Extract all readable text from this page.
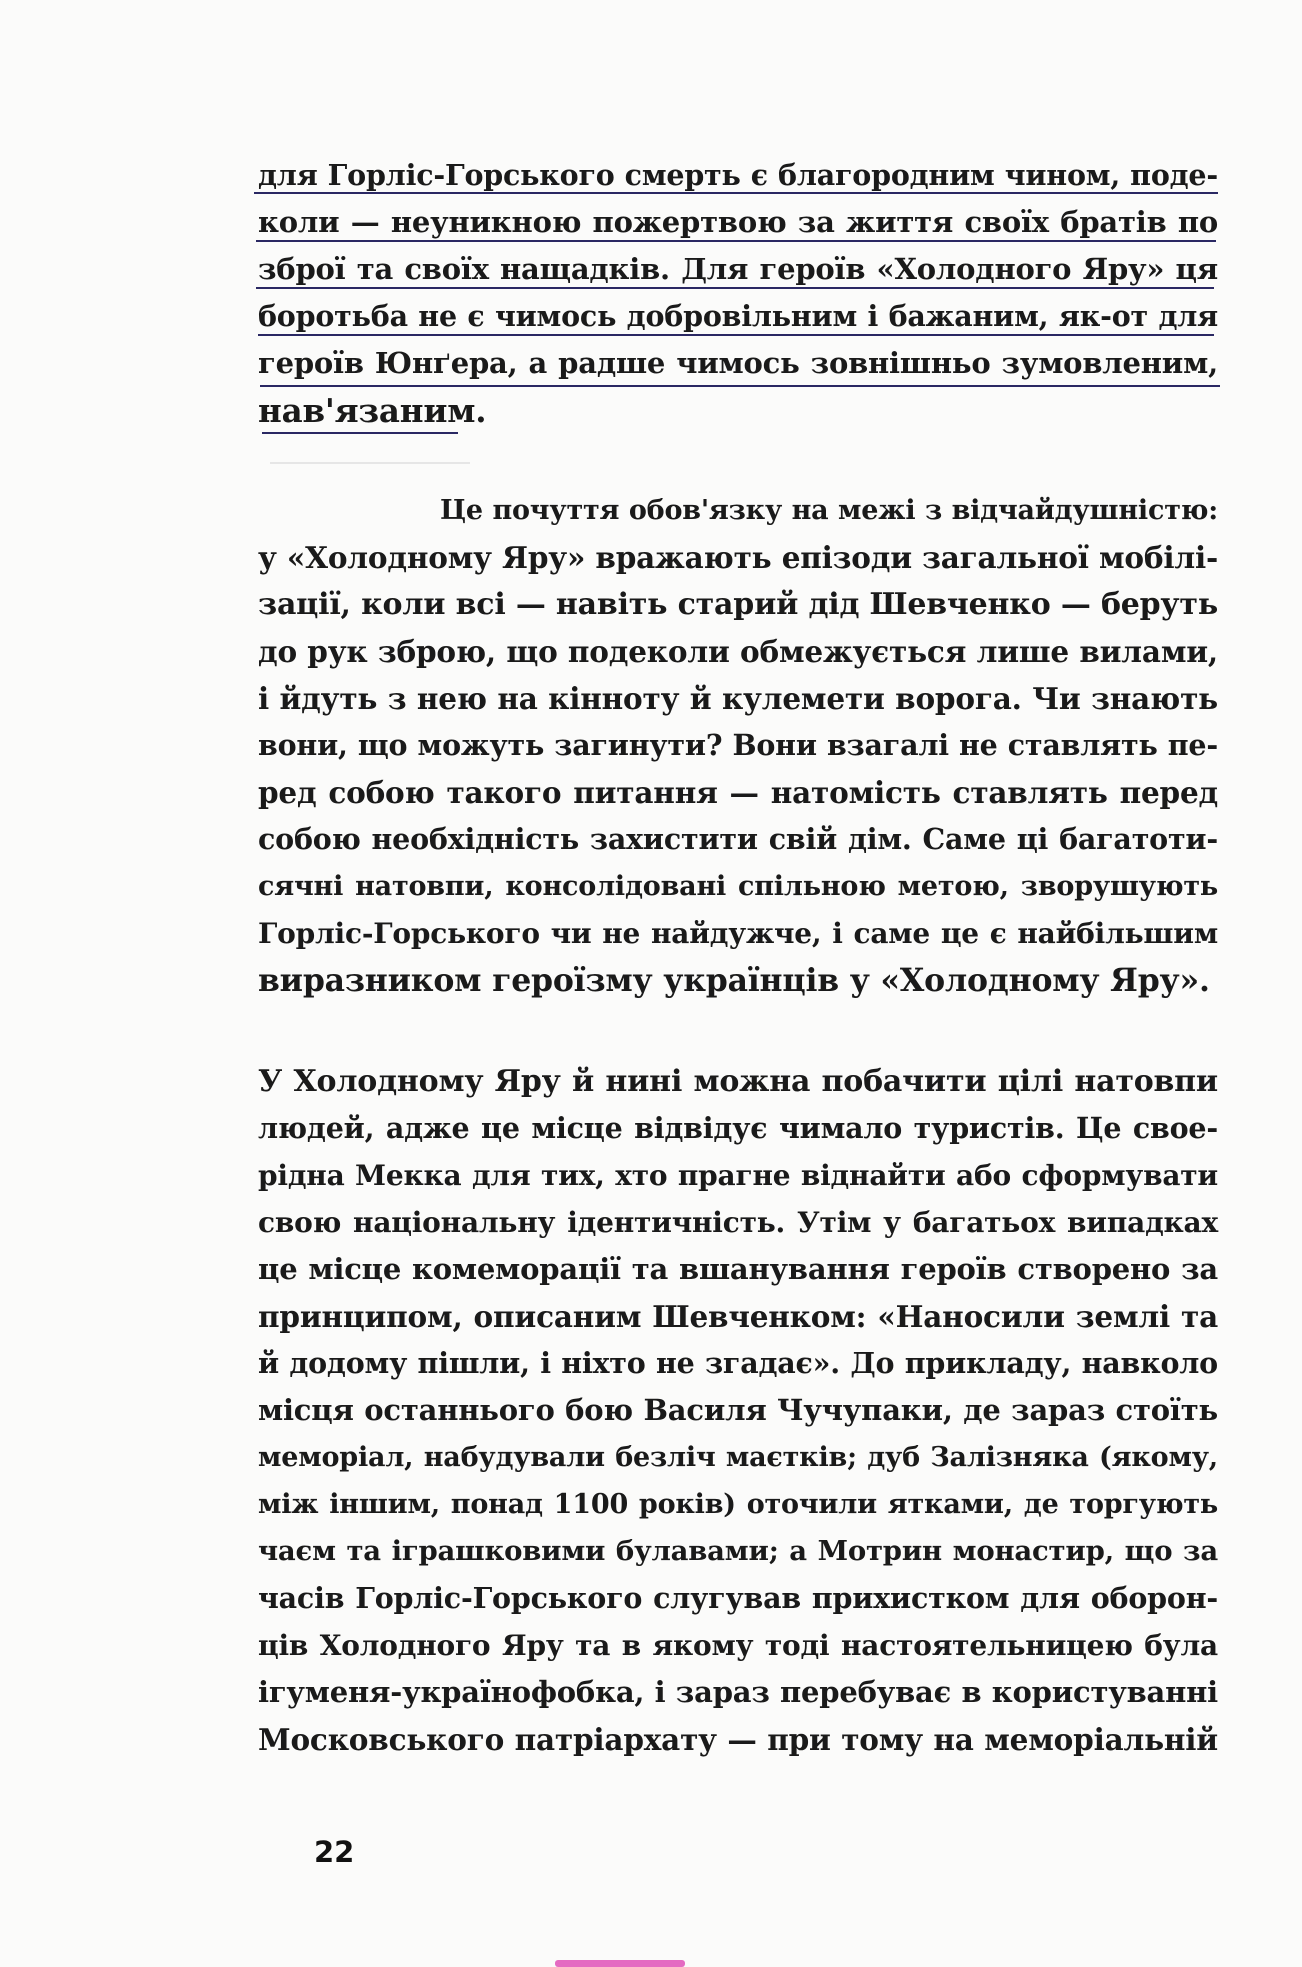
для Горліс-Горського смерть є благородним чином, поде-
коли — неуникною пожертвою за життя своїх братів по
зброї та своїх нащадків. Для героїв «Холодного Яру» ця
боротьба не є чимось добровільним і бажаним, як-от для
героїв Юнґера, а радше чимось зовнішньо зумовленим,
нав'язаним.
Це почуття обов'язку на межі з відчайдушністю:
у «Холодному Яру» вражають епізоди загальної мобілі-
зації, коли всі — навіть старий дід Шевченко — беруть
до рук зброю, що подеколи обмежується лише вилами,
і йдуть з нею на кінноту й кулемети ворога. Чи знають
вони, що можуть загинути? Вони взагалі не ставлять пе-
ред собою такого питання — натомість ставлять перед
собою необхідність захистити свій дім. Саме ці багатоти-
сячні натовпи, консолідовані спільною метою, зворушують
Горліс-Горського чи не найдужче, і саме це є найбільшим
виразником героїзму українців у «Холодному Яру».
У Холодному Яру й нині можна побачити цілі натовпи
людей, адже це місце відвідує чимало туристів. Це свое-
рідна Мекка для тих, хто прагне віднайти або сформувати
свою національну ідентичність. Утім у багатьох випадках
це місце комеморації та вшанування героїв створено за
принципом, описаним Шевченком: «Наносили землі та
й додому пішли, і ніхто не згадає». До прикладу, навколо
місця останнього бою Василя Чучупаки, де зараз стоїть
меморіал, набудували безліч маєтків; дуб Залізняка (якому,
між іншим, понад 1100 років) оточили ятками, де торгують
чаєм та іграшковими булавами; а Мотрин монастир, що за
часів Горліс-Горського слугував прихистком для оборон-
ців Холодного Яру та в якому тоді настоятельницею була
ігуменя-українофобка, і зараз перебуває в користуванні
Московського патріархату — при тому на меморіальній
22
